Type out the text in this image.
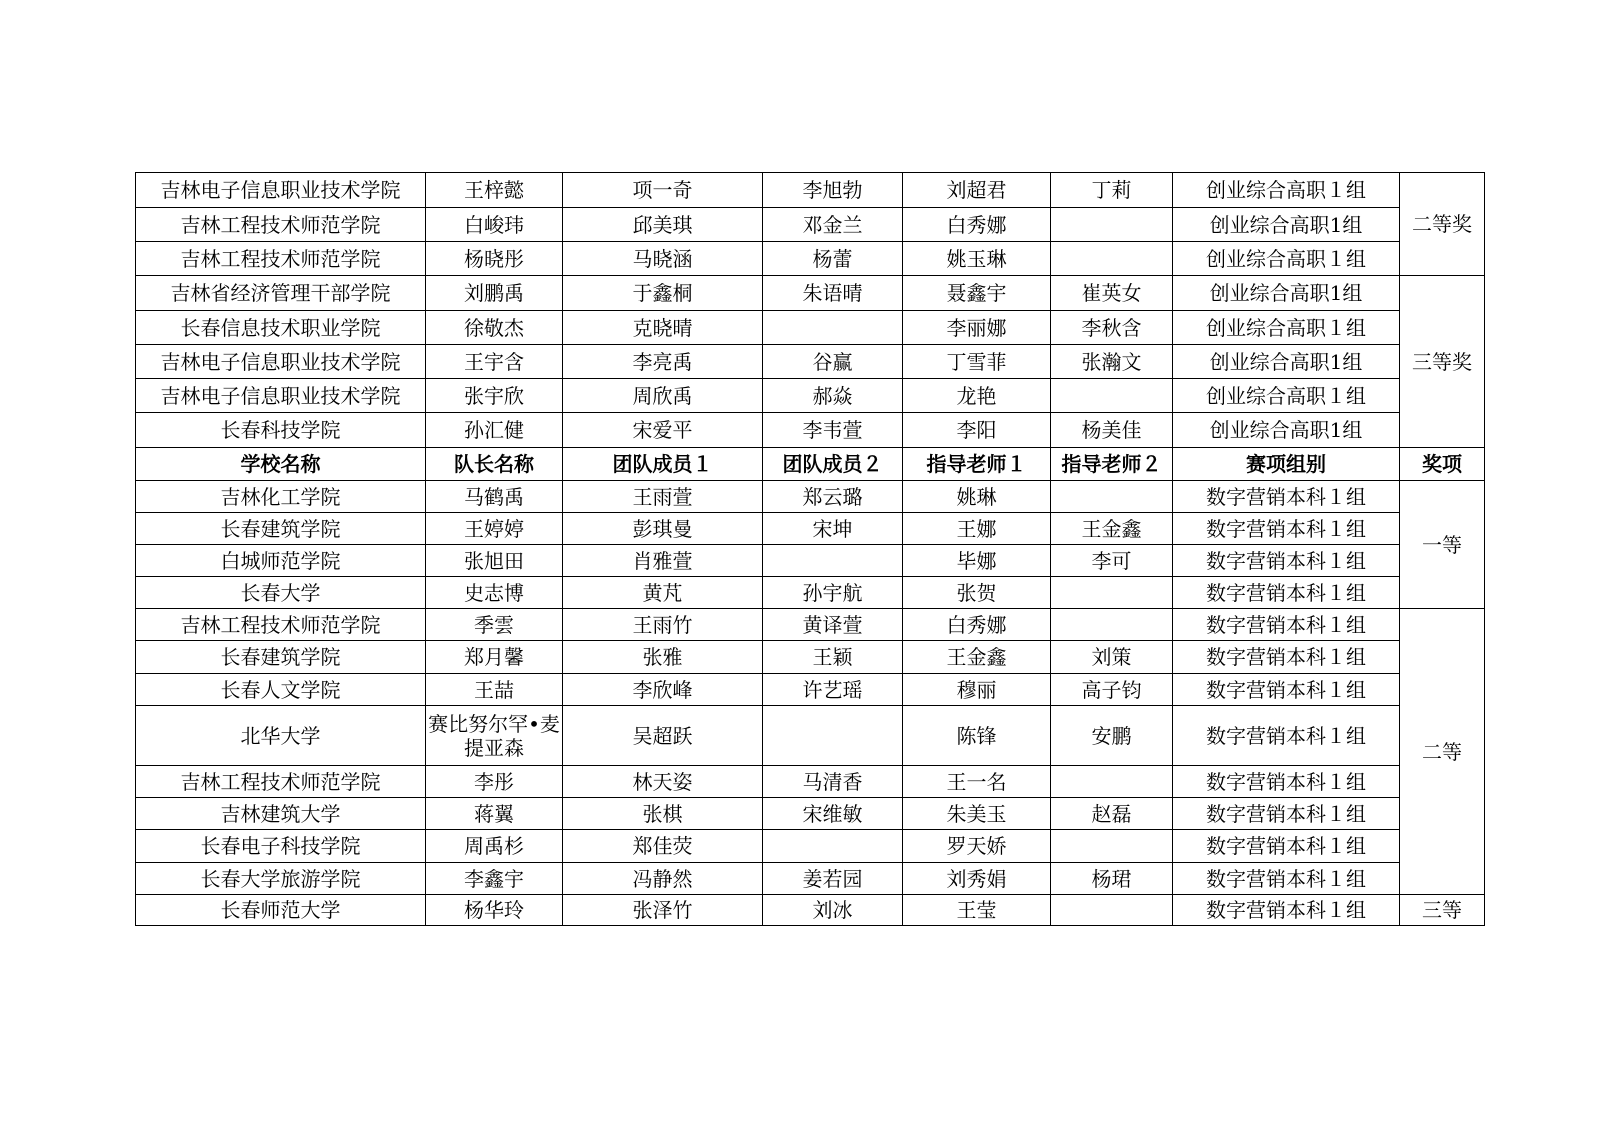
吉林电子信息职业技术学院	王梓懿	项一奇	李旭勃	刘超君	丁莉	创业综合高职１组	二等奖
吉林工程技术师范学院	白峻玮	邱美琪	邓金兰	白秀娜		创业综合高职1组	
吉林工程技术师范学院	杨晓彤	马晓涵	杨蕾	姚玉琳		创业综合高职１组	
吉林省经济管理干部学院	刘鹏禹	于鑫桐	朱语晴	聂鑫宇	崔英女	创业综合高职1组	三等奖
长春信息技术职业学院	徐敬杰	克晓晴		李丽娜	李秋含	创业综合高职１组	
吉林电子信息职业技术学院	王宇含	李亮禹	谷赢	丁雪菲	张瀚文	创业综合高职1组	
吉林电子信息职业技术学院	张宇欣	周欣禹	郝焱	龙艳		创业综合高职１组	
长春科技学院	孙汇健	宋爱平	李韦萱	李阳	杨美佳	创业综合高职1组	
学校名称	队长名称	团队成员１	团队成员２	指导老师１	指导老师２	赛项组别	奖项
吉林化工学院	马鹤禹	王雨萱	郑云璐	姚琳		数字营销本科１组	一等
长春建筑学院	王婷婷	彭琪曼	宋坤	王娜	王金鑫	数字营销本科１组	
白城师范学院	张旭田	肖雅萱		毕娜	李可	数字营销本科１组	
长春大学	史志博	黄芃	孙宇航	张贺		数字营销本科１组	
吉林工程技术师范学院	季雲	王雨竹	黄译萱	白秀娜		数字营销本科１组	二等
长春建筑学院	郑月馨	张雅	王颖	王金鑫	刘策	数字营销本科１组	
长春人文学院	王喆	李欣峰	许艺瑶	穆丽	高子钧	数字营销本科１组	
北华大学	赛比努尔罕•麦提亚森	吴超跃		陈锋	安鹏	数字营销本科１组	
吉林工程技术师范学院	李彤	林天姿	马清香	王一名		数字营销本科１组	
吉林建筑大学	蒋翼	张棋	宋维敏	朱美玉	赵磊	数字营销本科１组	
长春电子科技学院	周禹杉	郑佳荧		罗天娇		数字营销本科１组	
长春大学旅游学院	李鑫宇	冯静然	姜若园	刘秀娟	杨珺	数字营销本科１组	
长春师范大学	杨华玲	张泽竹	刘冰	王莹		数字营销本科１组	三等
